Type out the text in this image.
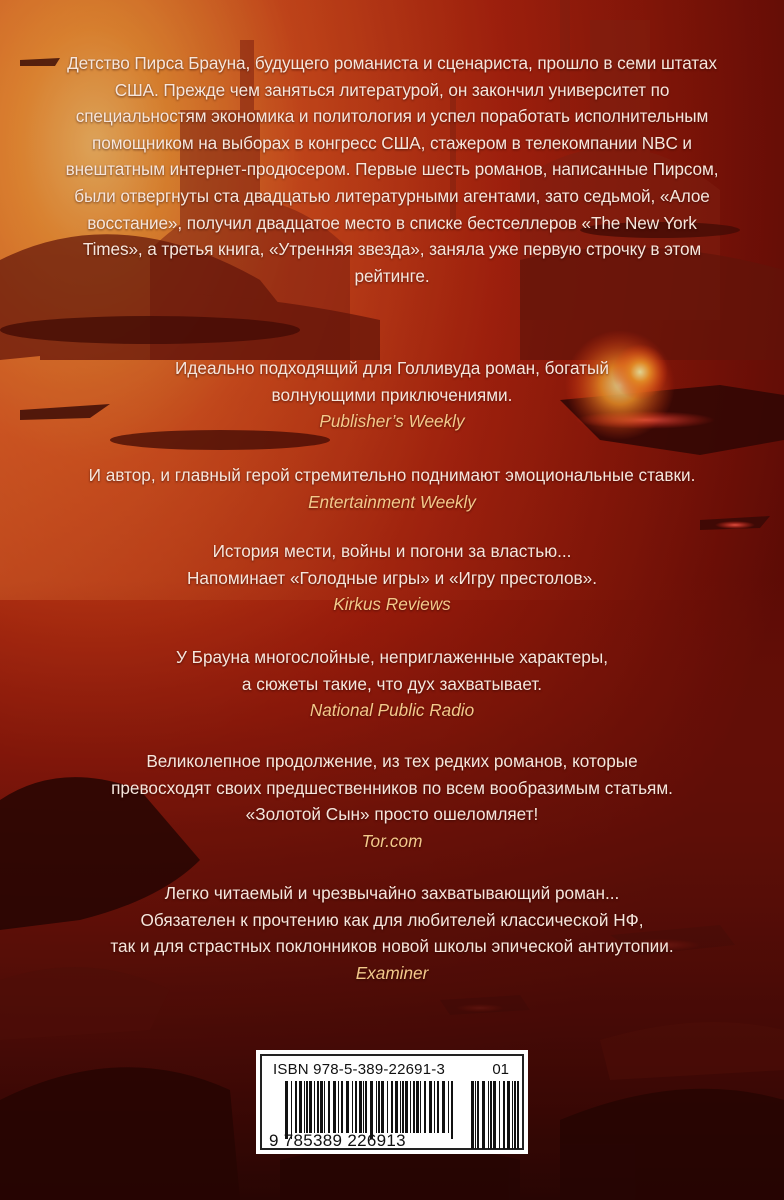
Детство Пирса Брауна, будущего романиста и сценариста, прошло в семи штатах США. Прежде чем заняться литературой, он закончил университет по специальностям экономика и политология и успел поработать исполнительным помощником на выборах в конгресс США, стажером в телекомпании NBC и внештатным интернет-продюсером. Первые шесть романов, написанные Пирсом, были отвергнуты ста двадцатью литературными агентами, зато седьмой, «Алое восстание», получил двадцатое место в списке бестселлеров «The New York Times», а третья книга, «Утренняя звезда», заняла уже первую строчку в этом рейтинге.
Идеально подходящий для Голливуда роман, богатый
волнующими приключениями.
Publisher’s Weekly
И автор, и главный герой стремительно поднимают эмоциональные ставки.
Entertainment Weekly
История мести, войны и погони за властью...
Напоминает «Голодные игры» и «Игру престолов».
Kirkus Reviews
У Брауна многослойные, неприглаженные характеры,
а сюжеты такие, что дух захватывает.
National Public Radio
Великолепное продолжение, из тех редких романов, которые
превосходят своих предшественников по всем вообразимым статьям.
«Золотой Сын» просто ошеломляет!
Tor.com
Легко читаемый и чрезвычайно захватывающий роман...
Обязателен к прочтению как для любителей классической НФ,
так и для страстных поклонников новой школы эпической антиутопии.
Examiner
ISBN 978-5-389-22691-3	01
9 785389 226913
